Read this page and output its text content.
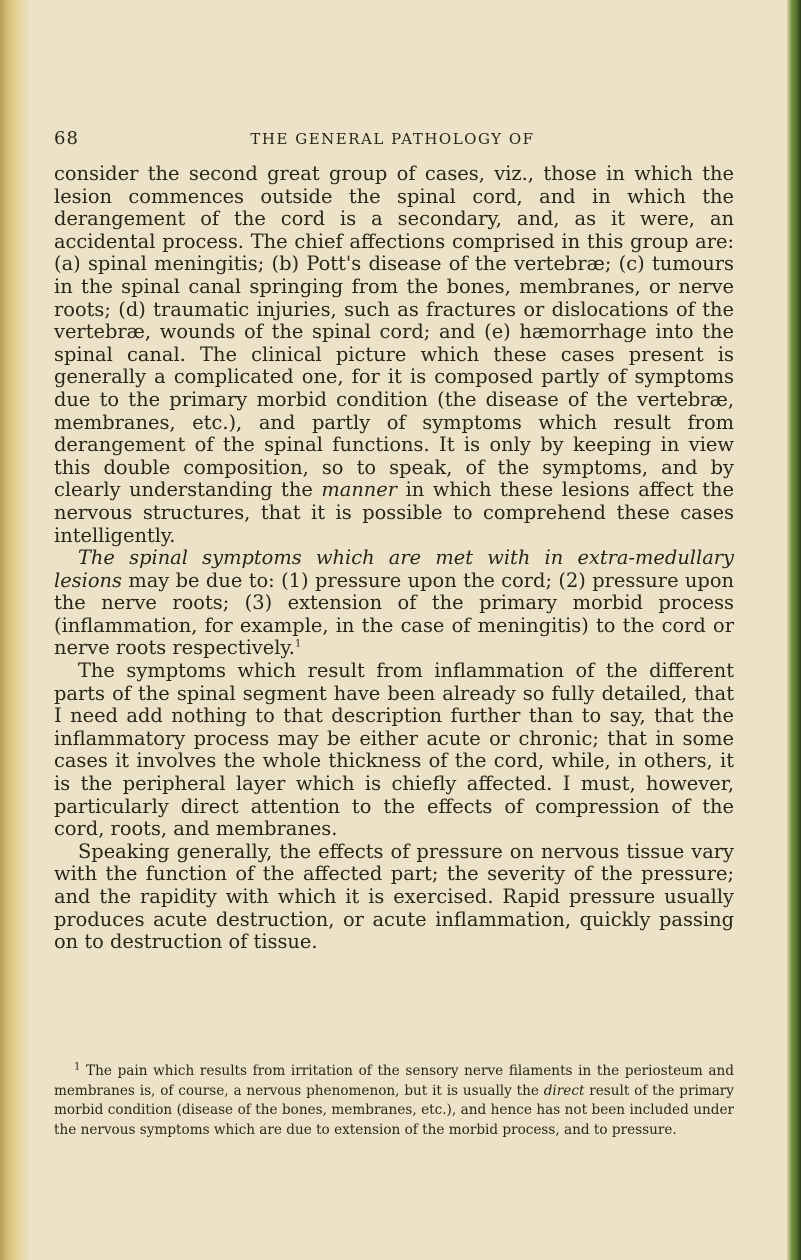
68	THE GENERAL PATHOLOGY OF

consider the second great group of cases, viz., those in which the lesion commences outside the spinal cord, and in which the derangement of the cord is a secondary, and, as it were, an accidental process. The chief affections comprised in this group are: (a) spinal meningitis; (b) Pott's disease of the vertebræ; (c) tumours in the spinal canal springing from the bones, membranes, or nerve roots; (d) traumatic injuries, such as fractures or dislocations of the vertebræ, wounds of the spinal cord; and (e) hæmorrhage into the spinal canal. The clinical picture which these cases present is generally a complicated one, for it is composed partly of symptoms due to the primary morbid condition (the disease of the vertebræ, membranes, etc.), and partly of symptoms which result from derangement of the spinal functions. It is only by keeping in view this double composition, so to speak, of the symptoms, and by clearly understanding the manner in which these lesions affect the nervous structures, that it is possible to comprehend these cases intelligently.

The spinal symptoms which are met with in extra-medullary lesions may be due to: (1) pressure upon the cord; (2) pressure upon the nerve roots; (3) extension of the primary morbid process (inflammation, for example, in the case of meningitis) to the cord or nerve roots respectively.$^1$

The symptoms which result from inflammation of the different parts of the spinal segment have been already so fully detailed, that I need add nothing to that description further than to say, that the inflammatory process may be either acute or chronic; that in some cases it involves the whole thickness of the cord, while, in others, it is the peripheral layer which is chiefly affected. I must, however, particularly direct attention to the effects of compression of the cord, roots, and membranes.

Speaking generally, the effects of pressure on nervous tissue vary with the function of the affected part; the severity of the pressure; and the rapidity with which it is exercised. Rapid pressure usually produces acute destruction, or acute inflammation, quickly passing on to destruction of tissue.

$^1$ The pain which results from irritation of the sensory nerve filaments in the periosteum and membranes is, of course, a nervous phenomenon, but it is usually the direct result of the primary morbid condition (disease of the bones, membranes, etc.), and hence has not been included under the nervous symptoms which are due to extension of the morbid process, and to pressure.
